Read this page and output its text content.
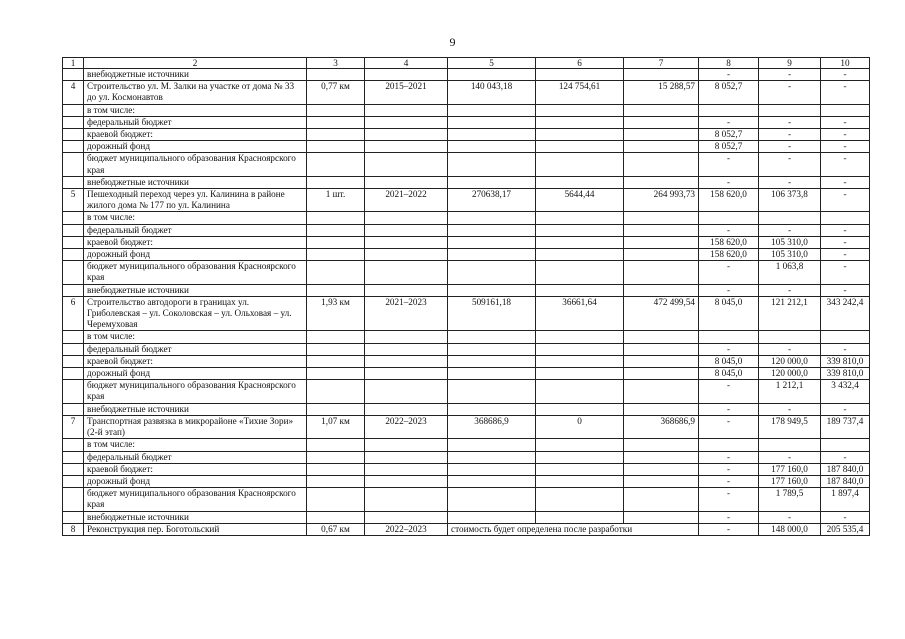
9
1	2	3	4	5	6	7	8	9	10
	внебюджетные источники						-	-	-
4	Строительство ул. М. Залки на участке от дома № 33 до ул. Космонавтов	0,77 км	2015–2021	140 043,18	124 754,61	15 288,57	8 052,7	-	-
	в том числе:								
	федеральный бюджет						-	-	-
	краевой бюджет:						8 052,7	-	-
	дорожный фонд						8 052,7	-	-
	бюджет муниципального образования Красноярского края						-	-	-
	внебюджетные источники						-	-	-
5	Пешеходный переход через ул. Калинина в районе жилого дома № 177 по ул. Калинина	1 шт.	2021–2022	270638,17	5644,44	264 993,73	158 620,0	106 373,8	-
	в том числе:								
	федеральный бюджет						-	-	-
	краевой бюджет:						158 620,0	105 310,0	-
	дорожный фонд						158 620,0	105 310,0	-
	бюджет муниципального образования Красноярского края						-	1 063,8	-
	внебюджетные источники						-	-	-
6	Строительство автодороги в границах ул. Гриболевская – ул. Соколовская – ул. Ольховая – ул. Черемуховая	1,93 км	2021–2023	509161,18	36661,64	472 499,54	8 045,0	121 212,1	343 242,4
	в том числе:								
	федеральный бюджет						-	-	-
	краевой бюджет:						8 045,0	120 000,0	339 810,0
	дорожный фонд						8 045,0	120 000,0	339 810,0
	бюджет муниципального образования Красноярского края						-	1 212,1	3 432,4
	внебюджетные источники						-	-	-
7	Транспортная развязка в микрорайоне «Тихие Зори» (2-й этап)	1,07 км	2022–2023	368686,9	0	368686,9	-	178 949,5	189 737,4
	в том числе:								
	федеральный бюджет						-	-	-
	краевой бюджет:						-	177 160,0	187 840,0
	дорожный фонд						-	177 160,0	187 840,0
	бюджет муниципального образования Красноярского края						-	1 789,5	1 897,4
	внебюджетные источники						-	-	-
8	Реконструкция пер. Боготольский	0,67 км	2022–2023	стоимость будет определена после разработки			-	148 000,0	205 535,4
